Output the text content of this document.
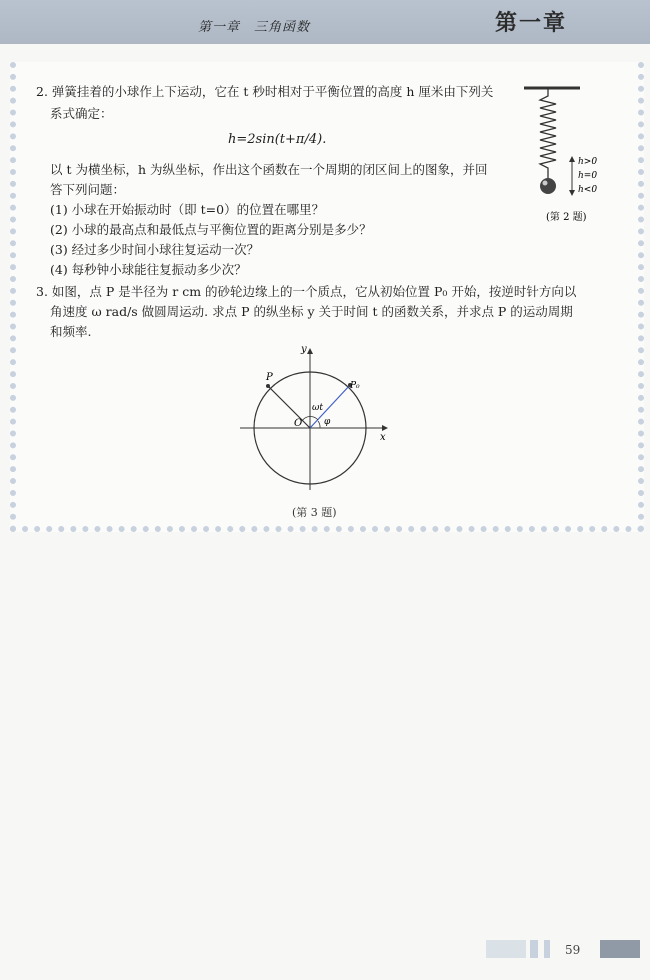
第一章　三角函数	第一章
2. 弹簧挂着的小球作上下运动，它在 t 秒时相对于平衡位置的高度 h 厘米由下列关
系式确定：
h=2sin(t+π/4).
以 t 为横坐标，h 为纵坐标，作出这个函数在一个周期的闭区间上的图象，并回
答下列问题：
(1) 小球在开始振动时（即 t=0）的位置在哪里？
(2) 小球的最高点和最低点与平衡位置的距离分别是多少？
(3) 经过多少时间小球往复运动一次？
(4) 每秒钟小球能往复振动多少次？
h>0
h=0
h<0
(第 2 题)
3. 如图，点 P 是半径为 r cm 的砂轮边缘上的一个质点，它从初始位置 P₀ 开始，按逆时针方向以
角速度 ω rad/s 做圆周运动. 求点 P 的纵坐标 y 关于时间 t 的函数关系，并求点 P 的运动周期
和频率.
y
x
O
P
P₀
ωt
φ
(第 3 题)
59
